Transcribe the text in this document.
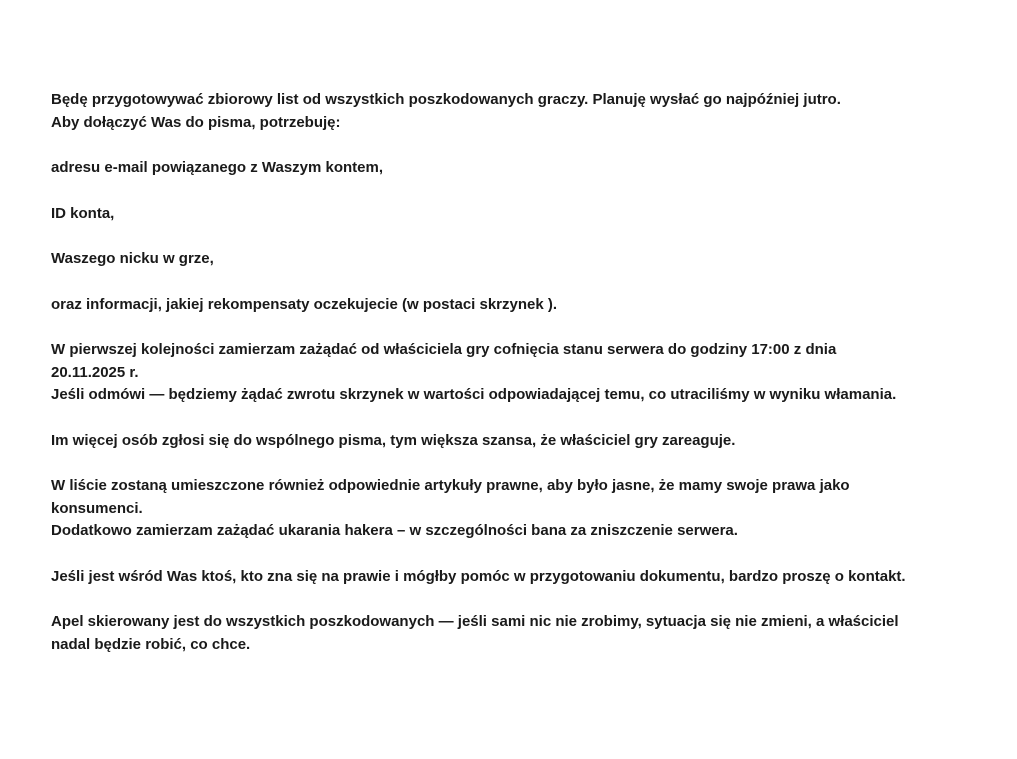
Będę przygotowywać zbiorowy list od wszystkich poszkodowanych graczy. Planuję wysłać go najpóźniej jutro.
Aby dołączyć Was do pisma, potrzebuję:
adresu e-mail powiązanego z Waszym kontem,
ID konta,
Waszego nicku w grze,
oraz informacji, jakiej rekompensaty oczekujecie (w postaci skrzynek ).
W pierwszej kolejności zamierzam zażądać od właściciela gry cofnięcia stanu serwera do godziny 17:00 z dnia
20.11.2025 r.
Jeśli odmówi — będziemy żądać zwrotu skrzynek w wartości odpowiadającej temu, co utraciliśmy w wyniku włamania.
Im więcej osób zgłosi się do wspólnego pisma, tym większa szansa, że właściciel gry zareaguje.
W liście zostaną umieszczone również odpowiednie artykuły prawne, aby było jasne, że mamy swoje prawa jako
konsumenci.
Dodatkowo zamierzam zażądać ukarania hakera – w szczególności bana za zniszczenie serwera.
Jeśli jest wśród Was ktoś, kto zna się na prawie i mógłby pomóc w przygotowaniu dokumentu, bardzo proszę o kontakt.
Apel skierowany jest do wszystkich poszkodowanych — jeśli sami nic nie zrobimy, sytuacja się nie zmieni, a właściciel
nadal będzie robić, co chce.
